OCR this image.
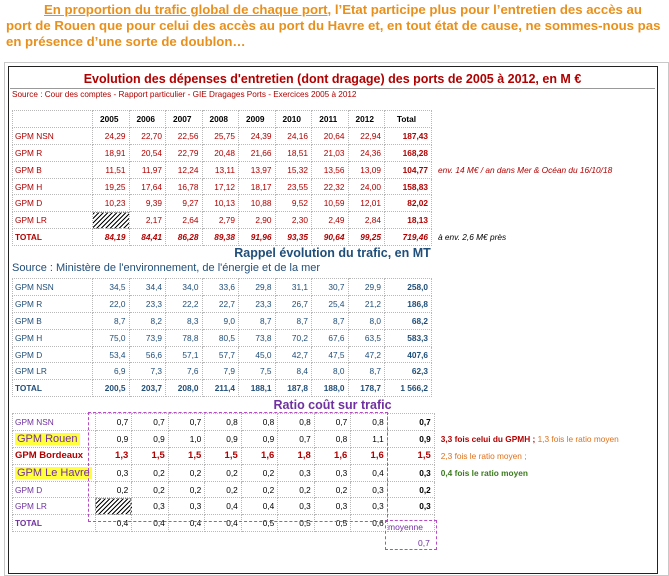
En proportion du trafic global de chaque port, l’Etat participe plus pour l’entretien des accès au port de Rouen que pour celui des accès au port du Havre et, en tout état de cause, ne sommes-nous pas en présence d’une sorte de doublon…
Evolution des dépenses d'entretien (dont dragage) des ports de 2005 à 2012, en M €
Source : Cour des comptes - Rapport particulier - GIE Dragages Ports - Exercices 2005 à 2012
	2005	2006	2007	2008	2009	2010	2011	2012	Total	
GPM NSN	24,29	22,70	22,56	25,75	24,39	24,16	20,64	22,94	187,43	
GPM R	18,91	20,54	22,79	20,48	21,66	18,51	21,03	24,36	168,28	
GPM B	11,51	11,97	12,24	13,11	13,97	15,32	13,56	13,09	104,77	env. 14 M€ / an dans Mer & Océan du 16/10/18
GPM H	19,25	17,64	16,78	17,12	18,17	23,55	22,32	24,00	158,83	
GPM D	10,23	9,39	9,27	10,13	10,88	9,52	10,59	12,01	82,02	
GPM LR		2,17	2,64	2,79	2,90	2,30	2,49	2,84	18,13	
TOTAL	84,19	84,41	86,28	89,38	91,96	93,35	90,64	99,25	719,46	à env. 2,6 M€ près
Rappel évolution du trafic, en MT
Source : Ministère de l'environnement, de l'énergie et de la mer
GPM NSN	34,5	34,4	34,0	33,6	29,8	31,1	30,7	29,9	258,0
GPM R	22,0	23,3	22,2	22,7	23,3	26,7	25,4	21,2	186,8
GPM B	8,7	8,2	8,3	9,0	8,7	8,7	8,7	8,0	68,2
GPM H	75,0	73,9	78,8	80,5	73,8	70,2	67,6	63,5	583,3
GPM D	53,4	56,6	57,1	57,7	45,0	42,7	47,5	47,2	407,6
GPM LR	6,9	7,3	7,6	7,9	7,5	8,4	8,0	8,7	62,3
TOTAL	200,5	203,7	208,0	211,4	188,1	187,8	188,0	178,7	1 566,2
Ratio coût sur trafic
GPM NSN	0,7	0,7	0,7	0,8	0,8	0,8	0,7	0,8	0,7	
GPM Rouen	0,9	0,9	1,0	0,9	0,9	0,7	0,8	1,1	0,9	3,3 fois celui du GPMH ; 1,3 fois le ratio moyen
GPM Bordeaux	1,3	1,5	1,5	1,5	1,6	1,8	1,6	1,6	1,5	2,3 fois le ratio moyen ;
GPM Le Havre	0,3	0,2	0,2	0,2	0,2	0,3	0,3	0,4	0,3	0,4 fois le ratio moyen
GPM D	0,2	0,2	0,2	0,2	0,2	0,2	0,2	0,3	0,2	
GPM LR		0,3	0,3	0,4	0,4	0,3	0,3	0,3	0,3	
TOTAL	0,4	0,4	0,4	0,4	0,5	0,5	0,5	0,6		moyenne
0,7
